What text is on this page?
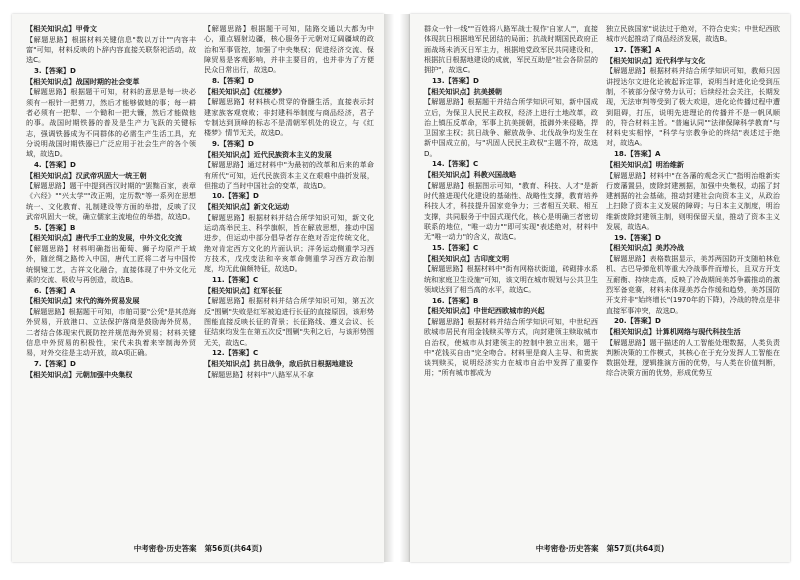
【相关知识点】甲骨文

【解题思路】根据材料关键信息"数以万计""内容丰富"可知，材料反映的卜辞内容直接关联祭祀活动，故选C。

3.【答案】D

【相关知识点】战国时期的社会变革

【解题思路】根据题干可知，材料的意思是每一块必须有一根针一把剪刀，然后才能够做她的事；每一耕者必须有一把犁、一个锄和一把大镰，然后才能做他的事。战国时期铁器的普及是生产力飞跃的关键标志，强调铁器成为不同群体的必需生产生活工具，充分说明战国时期铁器已广泛应用于社会生产的各个领域，故选D。

4.【答案】D

【相关知识点】汉武帝巩固大一统王朝

【解题思路】题干中提到西汉时期的"罢黜百家，表章《六经》""兴太学""改正朔，定历数"等一系列在思想统一、文化教育、礼制建设等方面的举措，反映了汉武帝巩固大一统，确立儒家主流地位的举措，故选D。

5.【答案】B

【相关知识点】唐代手工业的发展，中外文化交流

【解题思路】材料明确指出葡萄、狮子均原产于域外，随丝绸之路传入中国，唐代工匠将二者与中国传统铜镜工艺，古祥文化融合，直接体现了中外文化元素的交流、吸收与再创造，故选B。

6.【答案】A

【相关知识点】宋代的海外贸易发展

【解题思路】根据题干可知，市舶司要"公凭"是其范海外贸易，开放港口、立法保护落商是鼓励海外贸易，二者结合体现宋代既防控并规范海外贸易；材料关键信息中外贸易的积极性，宋代未执着来宰制海外贸易，对外交往是主动开放，故A项正确。

7.【答案】D

【相关知识点】元朝加强中央集权

【解题思路】根据题干可知，陆路交通以大都为中心，重点辐射边疆，核心服务于元朝对辽阔疆域的政治和军事管控，加强了中央集权；促进经济交流、保障贸易是客观影响，并非主要目的，也并非为了方便民众日常出行，故选D。

8.【答案】D

【相关知识点】《红楼梦》

【解题思路】材料核心贯穿的脊髓生活，直接表示封建家族客观衰败；非封建科举制度与商品经济，君子专制达到顶峰的标志不是清朝军机处的设立，与《红楼梦》情节无关，故选D。

9.【答案】D

【相关知识点】近代民族资本主义的发展

【解题思路】通过材料中"为最初的改革和后来的革命有所代"可知，近代民族资本主义在艰难中曲折发展，但推动了当时中国社会的变革，故选D。

10.【答案】D

【相关知识点】新文化运动

【解题思路】根据材料并结合所学知识可知，新文化运动高举民主、科学旗帜，旨在解放思想，推动中国进步，但运动中部分倡导者存在绝对否定传统文化，绝对肯定西方文化的片面认识；洋务运动侧重学习西方技术，戊戌变法和辛亥革命侧重学习西方政治制度，均无此偏颇特征，故选D。

11.【答案】C

【相关知识点】红军长征

【解题思路】根据材料并结合所学知识可知，第五次反"围剿"失败是红军被迫进行长征的直接原因，该形势图能直接反映长征的背景；长征路线、遵义会议、长征结束均发生在第五次反"围剿"失利之后，与该形势图无关，故选C。

12.【答案】C

【相关知识点】抗日战争，敌后抗日根据地建设

【解题思路】材料中"八路军从不拿

中考密卷·历史答案 第56页(共64页)

群众一针一线""百姓将八路军战士视作'自家人'"，直接体现抗日根据地军民团结的局面；抗战时期国民政府正面战场未消灭日军主力，根据地党政军民共同建设和，根据抗日根据地建设的成就，军民互助是"社会各阶层的拥护"，故选C。

13.【答案】D

【相关知识点】抗美援朝

【解题思路】根据题干并结合所学知识可知，新中国成立后，为保卫人民民主政权，经济上进行土地改革，政治上镇压反革命，军事上抗美援朝，抵御外来侵略，捍卫国家主权；抗日战争、解放战争、北伐战争均发生在新中国成立前，与"巩固人民民主政权"主题不符，故选D。

14.【答案】C

【相关知识点】科教兴国战略

【解题思路】根据图示可知，"教育、科技、人才"是新时代推进现代化建设的基础性、战略性支撑，教育培养科技人才，科技提升国家竞争力；三者相互关联、相互支撑，共同服务于中国式现代化，核心是明确三者密切联系的地位，"唯一动力""即可实现"表述绝对，材料中无"唯一动力"的含义，故选C。

15.【答案】C

【相关知识点】古印度文明

【解题思路】根据材料中"街有网格状街道，砖砌排水系统和家庭卫生设施"可知，该文明在城市规划与公共卫生领域达到了相当高的水平，故选C。

16.【答案】B

【相关知识点】中世纪西欧城市的兴起

【解题思路】根据材料并结合所学知识可知，中世纪西欧城市居民有用金钱赎买等方式，向封建领主赎取城市自治权，使城市从封建领主的控制中独立出来，题干中"花钱买自由"完全吻合。材料里是商人主导、和贵族谈判赎买，说明经济实力在城市自治中发挥了重要作用；"所有城市都成为

独立民族国家"说法过于绝对，不符合史实；中世纪西欧城市兴起推动了商品经济发展，故选B。

17.【答案】A

【相关知识点】近代科学与文化

【解题思路】根据材料并结合所学知识可知，教师只因讲授达尔文进化论被起诉定罪，说明当时进化论受到压制，不被部分保守势力认可；后续经社会关注，长期发现，无法审判等受到了极大欢迎，进化论传播过程中遭到阻碍，打压，说明先进理论的传播并不是一帆风顺的，符合材料主旨。"普遍认同""法律保障科学教育"与材料史实相悖，"科学与宗教争论的终结"表述过于绝对，故选A。

18.【答案】A

【相关知识点】明治维新

【解题思路】材料中"在各藩的观念灭亡"指明治维新实行废藩置县，废除封建割据，加强中央集权，动摇了封建割据的社会基础，推动封建社会向资本主义，从政治上扫除了资本主义发展的障碍；与日本主义制度，明治维新废除封建领主制，则明保留天皇，推动了资本主义发展，故选A。

19.【答案】D

【相关知识点】美苏冷战

【解题思路】表格数据显示，美苏两国防开支随柏林危机、古巴导弹危机等重大冷战事件而增长，且双方开支互耐衡、持续走高，反映了冷战期间美苏争霸推动的激烈军备竞赛，材料未体现美苏合作缓和趋势，美苏国防开支并非"始终增长"(1970年的下降)，冷战的特点是非直接军事冲突，故选D。

20.【答案】D

【相关知识点】计算机网络与现代科技生活

【解题思路】题干描述的人工智能处理数据，人类负责判断决策的工作模式，其核心在于充分发挥人工智能在数据处理，逻辑推演方面的优势，与人类在价值判断，综合决策方面的优势，形成优势互

中考密卷·历史答案 第57页(共64页)
